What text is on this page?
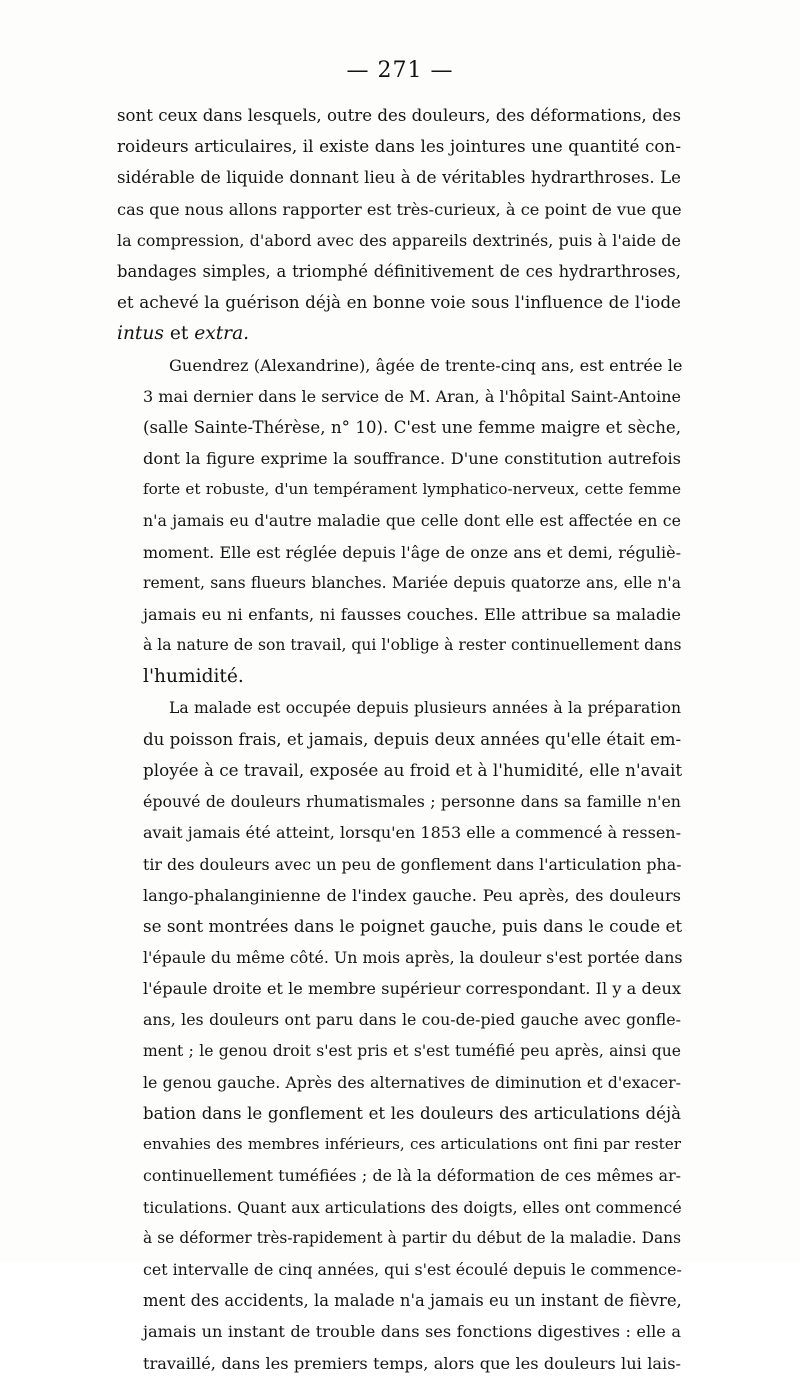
— 271 —
sont ceux dans lesquels, outre des douleurs, des déformations, des
roideurs articulaires, il existe dans les jointures une quantité con-
sidérable de liquide donnant lieu à de véritables hydrarthroses. Le
cas que nous allons rapporter est très-curieux, à ce point de vue que
la compression, d'abord avec des appareils dextrinés, puis à l'aide de
bandages simples, a triomphé définitivement de ces hydrarthroses,
et achevé la guérison déjà en bonne voie sous l'influence de l'iode
intus et extra.
Guendrez (Alexandrine), âgée de trente-cinq ans, est entrée le
3 mai dernier dans le service de M. Aran, à l'hôpital Saint-Antoine
(salle Sainte-Thérèse, n° 10). C'est une femme maigre et sèche,
dont la figure exprime la souffrance. D'une constitution autrefois
forte et robuste, d'un tempérament lymphatico-nerveux, cette femme
n'a jamais eu d'autre maladie que celle dont elle est affectée en ce
moment. Elle est réglée depuis l'âge de onze ans et demi, réguliè-
rement, sans flueurs blanches. Mariée depuis quatorze ans, elle n'a
jamais eu ni enfants, ni fausses couches. Elle attribue sa maladie
à la nature de son travail, qui l'oblige à rester continuellement dans
l'humidité.
La malade est occupée depuis plusieurs années à la préparation
du poisson frais, et jamais, depuis deux années qu'elle était em-
ployée à ce travail, exposée au froid et à l'humidité, elle n'avait
épouvé de douleurs rhumatismales ; personne dans sa famille n'en
avait jamais été atteint, lorsqu'en 1853 elle a commencé à ressen-
tir des douleurs avec un peu de gonflement dans l'articulation pha-
lango-phalanginienne de l'index gauche. Peu après, des douleurs
se sont montrées dans le poignet gauche, puis dans le coude et
l'épaule du même côté. Un mois après, la douleur s'est portée dans
l'épaule droite et le membre supérieur correspondant. Il y a deux
ans, les douleurs ont paru dans le cou-de-pied gauche avec gonfle-
ment ; le genou droit s'est pris et s'est tuméfié peu après, ainsi que
le genou gauche. Après des alternatives de diminution et d'exacer-
bation dans le gonflement et les douleurs des articulations déjà
envahies des membres inférieurs, ces articulations ont fini par rester
continuellement tuméfiées ; de là la déformation de ces mêmes ar-
ticulations. Quant aux articulations des doigts, elles ont commencé
à se déformer très-rapidement à partir du début de la maladie. Dans
cet intervalle de cinq années, qui s'est écoulé depuis le commence-
ment des accidents, la malade n'a jamais eu un instant de fièvre,
jamais un instant de trouble dans ses fonctions digestives : elle a
travaillé, dans les premiers temps, alors que les douleurs lui lais-
